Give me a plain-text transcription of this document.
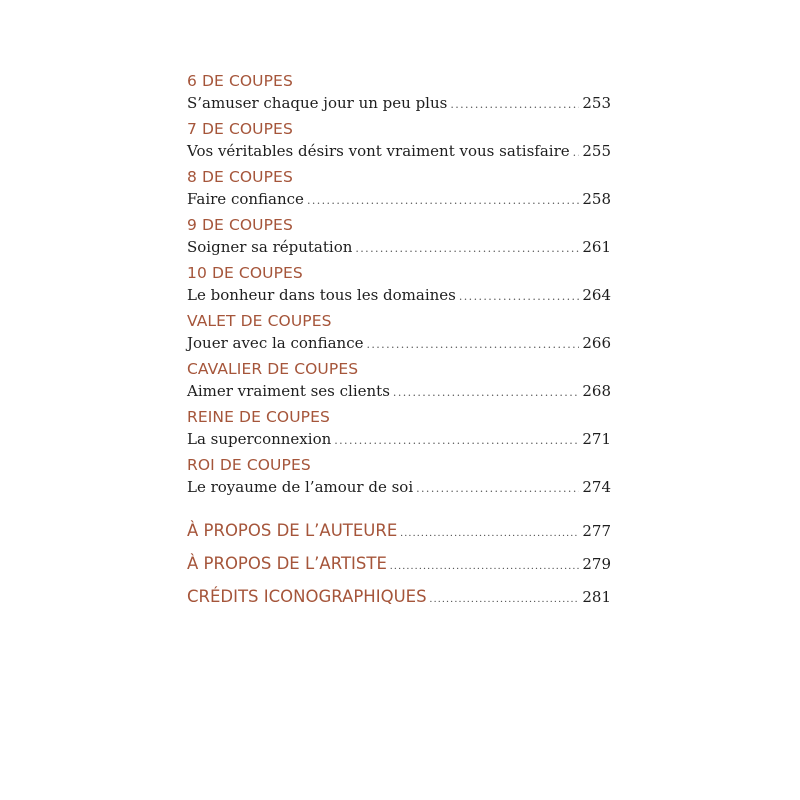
6 DE COUPES
S’amuser chaque jour un peu plus .....	253
7 DE COUPES
Vos véritables désirs vont vraiment vous satisfaire ..... 255
8 DE COUPES
Faire confiance .....	258
9 DE COUPES
Soigner sa réputation .....	261
10 DE COUPES
Le bonheur dans tous les domaines .....	264
VALET DE COUPES
Jouer avec la confiance .....	266
CAVALIER DE COUPES
Aimer vraiment ses clients .....	268
REINE DE COUPES
La superconnexion .....	271
ROI DE COUPES
Le royaume de l’amour de soi .....	274
À PROPOS DE L’AUTEURE .....	277
À PROPOS DE L’ARTISTE .....	279
CRÉDITS ICONOGRAPHIQUES .....	281
